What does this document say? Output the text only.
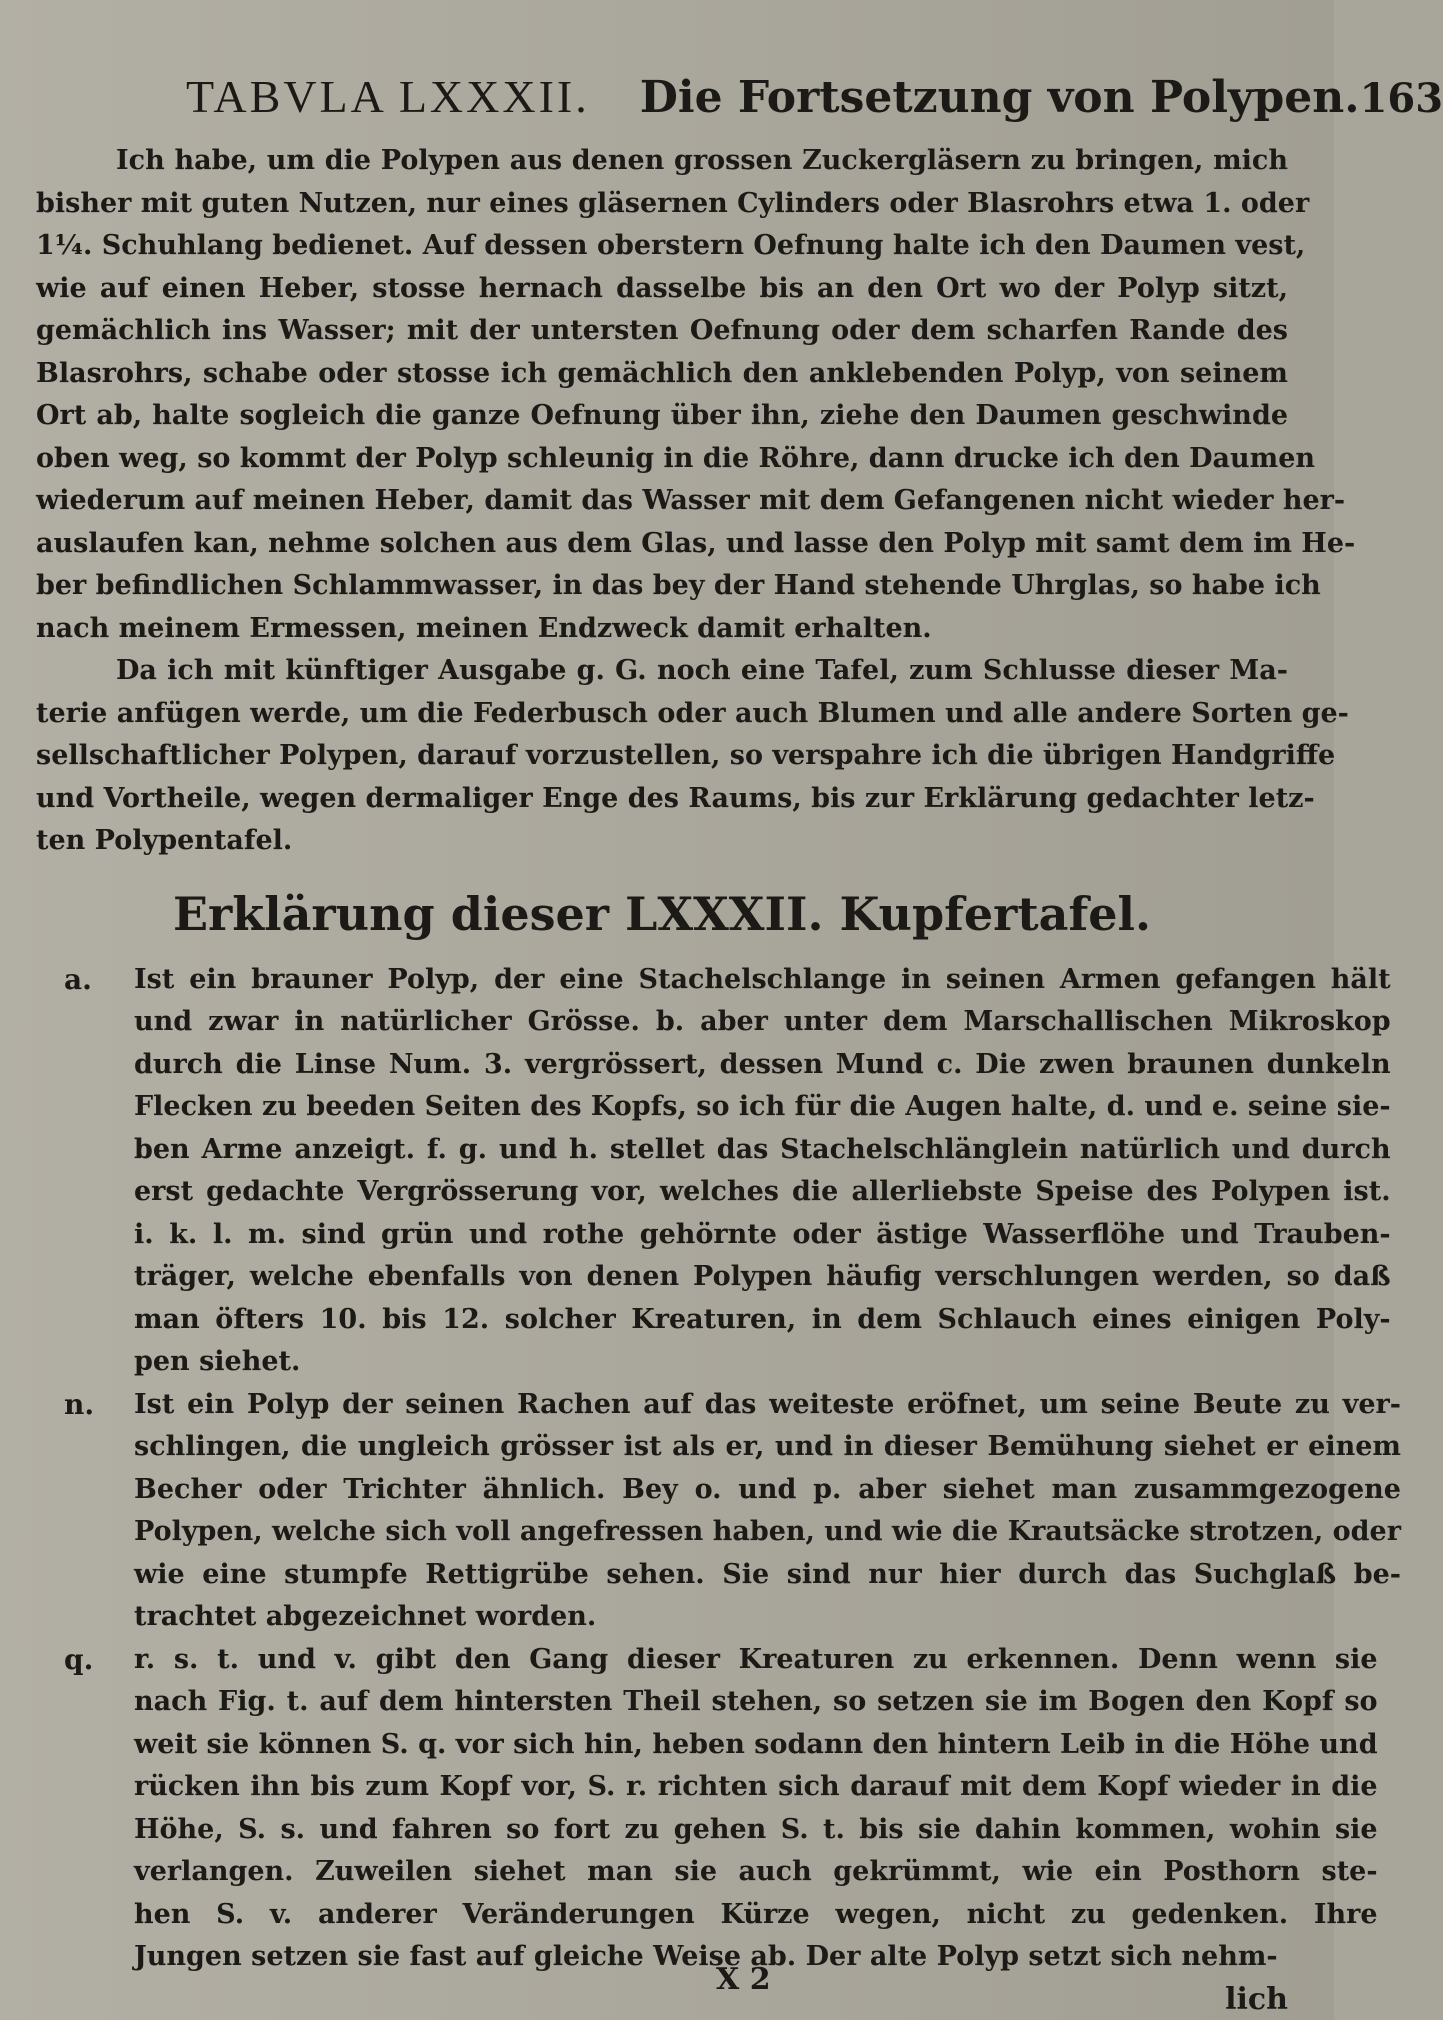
TABVLA LXXXII. Die Fortsetzung von Polypen. 163

Ich habe, um die Polypen aus denen grossen Zuckergläsern zu bringen, mich
bisher mit guten Nutzen, nur eines gläsernen Cylinders oder Blasrohrs etwa 1. oder
1¼. Schuhlang bedienet. Auf dessen oberstern Oefnung halte ich den Daumen vest,
wie auf einen Heber, stosse hernach dasselbe bis an den Ort wo der Polyp sitzt,
gemächlich ins Wasser; mit der untersten Oefnung oder dem scharfen Rande des
Blasrohrs, schabe oder stosse ich gemächlich den anklebenden Polyp, von seinem
Ort ab, halte sogleich die ganze Oefnung über ihn, ziehe den Daumen geschwinde
oben weg, so kommt der Polyp schleunig in die Röhre, dann drucke ich den Daumen
wiederum auf meinen Heber, damit das Wasser mit dem Gefangenen nicht wieder her-
auslaufen kan, nehme solchen aus dem Glas, und lasse den Polyp mit samt dem im He-
ber befindlichen Schlammwasser, in das bey der Hand stehende Uhrglas, so habe ich
nach meinem Ermessen, meinen Endzweck damit erhalten.

Da ich mit künftiger Ausgabe g. G. noch eine Tafel, zum Schlusse dieser Ma-
terie anfügen werde, um die Federbusch oder auch Blumen und alle andere Sorten ge-
sellschaftlicher Polypen, darauf vorzustellen, so verspahre ich die übrigen Handgriffe
und Vortheile, wegen dermaliger Enge des Raums, bis zur Erklärung gedachter letz-
ten Polypentafel.

Erklärung dieser LXXXII. Kupfertafel.
a.	Ist ein brauner Polyp, der eine Stachelschlange in seinen Armen gefangen hält
und zwar in natürlicher Grösse. b. aber unter dem Marschallischen Mikroskop
durch die Linse Num. 3. vergrössert, dessen Mund c. Die zwen braunen dunkeln
Flecken zu beeden Seiten des Kopfs, so ich für die Augen halte, d. und e. seine sie-
ben Arme anzeigt. f. g. und h. stellet das Stachelschlänglein natürlich und durch
erst gedachte Vergrösserung vor, welches die allerliebste Speise des Polypen ist.
i. k. l. m. sind grün und rothe gehörnte oder ästige Wasserflöhe und Trauben-
träger, welche ebenfalls von denen Polypen häufig verschlungen werden, so daß
man öfters 10. bis 12. solcher Kreaturen, in dem Schlauch eines einigen Poly-
pen siehet.
n.	Ist ein Polyp der seinen Rachen auf das weiteste eröfnet, um seine Beute zu ver-
schlingen, die ungleich grösser ist als er, und in dieser Bemühung siehet er einem
Becher oder Trichter ähnlich. Bey o. und p. aber siehet man zusammgezogene
Polypen, welche sich voll angefressen haben, und wie die Krautsäcke strotzen, oder
wie eine stumpfe Rettigrübe sehen. Sie sind nur hier durch das Suchglaß be-
trachtet abgezeichnet worden.
q.	r. s. t. und v. gibt den Gang dieser Kreaturen zu erkennen. Denn wenn sie
nach Fig. t. auf dem hintersten Theil stehen, so setzen sie im Bogen den Kopf so
weit sie können S. q. vor sich hin, heben sodann den hintern Leib in die Höhe und
rücken ihn bis zum Kopf vor, S. r. richten sich darauf mit dem Kopf wieder in die
Höhe, S. s. und fahren so fort zu gehen S. t. bis sie dahin kommen, wohin sie
verlangen. Zuweilen siehet man sie auch gekrümmt, wie ein Posthorn ste-
hen S. v. anderer Veränderungen Kürze wegen, nicht zu gedenken. Ihre
Jungen setzen sie fast auf gleiche Weise ab. Der alte Polyp setzt sich nehm-
X 2
lich
